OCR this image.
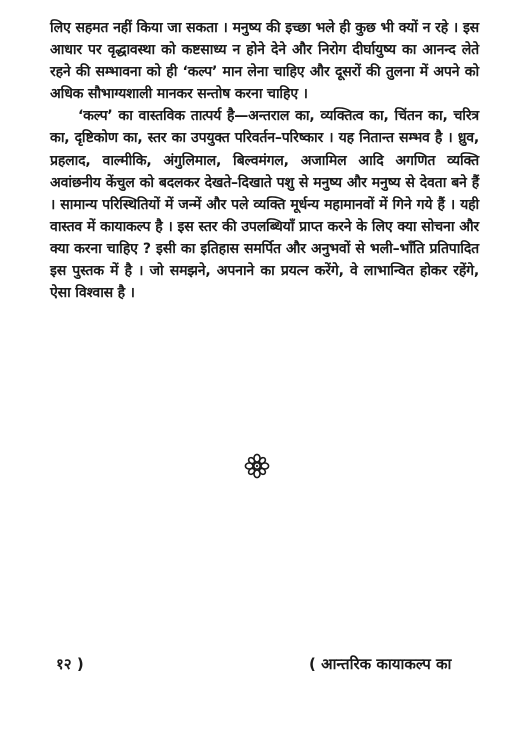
लिए सहमत नहीं किया जा सकता । मनुष्य की इच्छा भले ही कुछ भी क्यों न रहे । इस आधार पर वृद्धावस्था को कष्टसाध्य न होने देने और निरोग दीर्घायुष्य का आनन्द लेते रहने की सम्भावना को ही ‘कल्प’ मान लेना चाहिए और दूसरों की तुलना में अपने को अधिक सौभाग्यशाली मानकर सन्तोष करना चाहिए ।

‘कल्प’ का वास्तविक तात्पर्य है—अन्तराल का, व्यक्तित्व का, चिंतन का, चरित्र का, दृष्टिकोण का, स्तर का उपयुक्त परिवर्तन–परिष्कार । यह नितान्त सम्भव है । ध्रुव, प्रहलाद, वाल्मीकि, अंगुलिमाल, बिल्वमंगल, अजामिल आदि अगणित व्यक्ति अवांछनीय केंचुल को बदलकर देखते–दिखाते पशु से मनुष्य और मनुष्य से देवता बने हैं । सामान्य परिस्थितियों में जन्में और पले व्यक्ति मूर्धन्य महामानवों में गिने गये हैं । यही वास्तव में कायाकल्प है । इस स्तर की उपलब्धियाँ प्राप्त करने के लिए क्या सोचना और क्या करना चाहिए ? इसी का इतिहास समर्पित और अनुभवों से भली–भाँति प्रतिपादित इस पुस्तक में है । जो समझने, अपनाने का प्रयत्न करेंगे, वे लाभान्वित होकर रहेंगे, ऐसा विश्वास है ।

१२ )	( आन्तरिक कायाकल्प का
